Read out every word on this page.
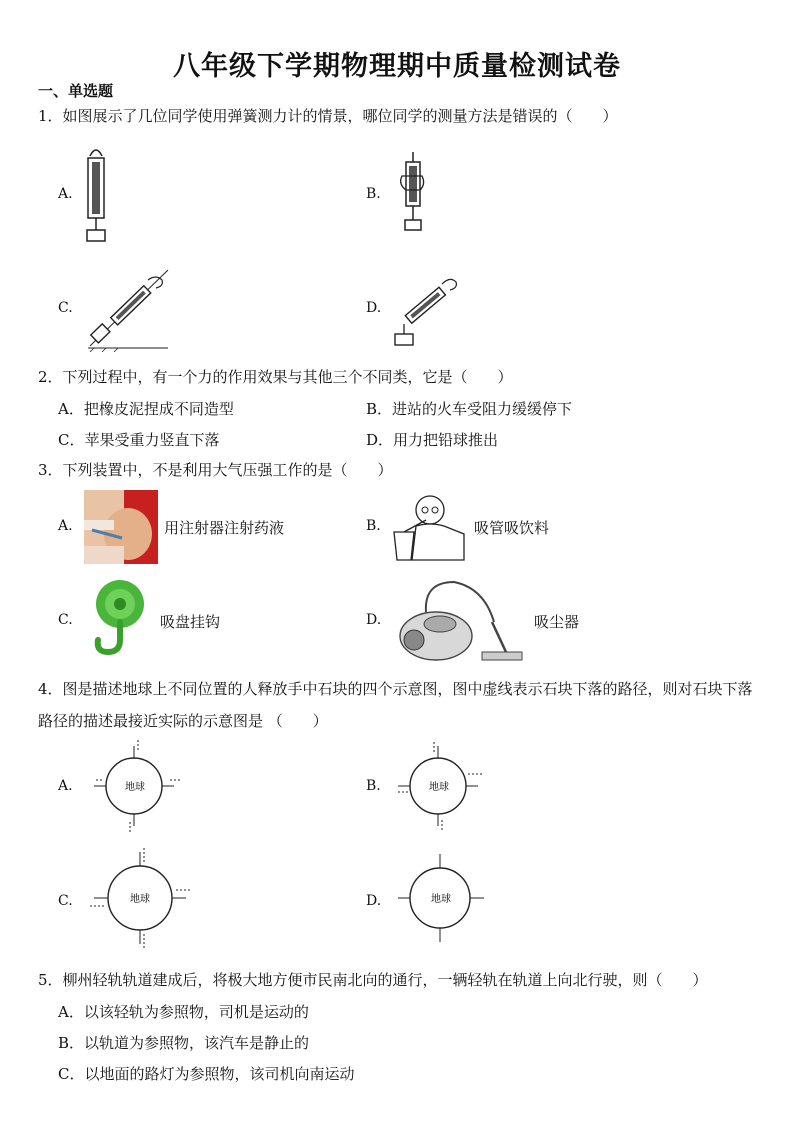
八年级下学期物理期中质量检测试卷
一、单选题
1．如图展示了几位同学使用弹簧测力计的情景，哪位同学的测量方法是错误的（　　）
A.	B.
C.	D.
2．下列过程中，有一个力的作用效果与其他三个不同类，它是（　　）
A．把橡皮泥捏成不同造型	B．进站的火车受阻力缓缓停下
C．苹果受重力竖直下落	D．用力把铅球推出
3．下列装置中，不是利用大气压强工作的是（　　）
A.	用注射器注射药液	B.	吸管吸饮料
C.	吸盘挂钩	D.	吸尘器
4．图是描述地球上不同位置的人释放手中石块的四个示意图，图中虚线表示石块下落的路径，则对石块下落路径的描述最接近实际的示意图是 （　　）
A.	地球	B.	地球
C.	地球	D.	地球
5．柳州轻轨轨道建成后，将极大地方便市民南北向的通行，一辆轻轨在轨道上向北行驶，则（　　）
A．以该轻轨为参照物，司机是运动的
B．以轨道为参照物，该汽车是静止的
C．以地面的路灯为参照物，该司机向南运动
